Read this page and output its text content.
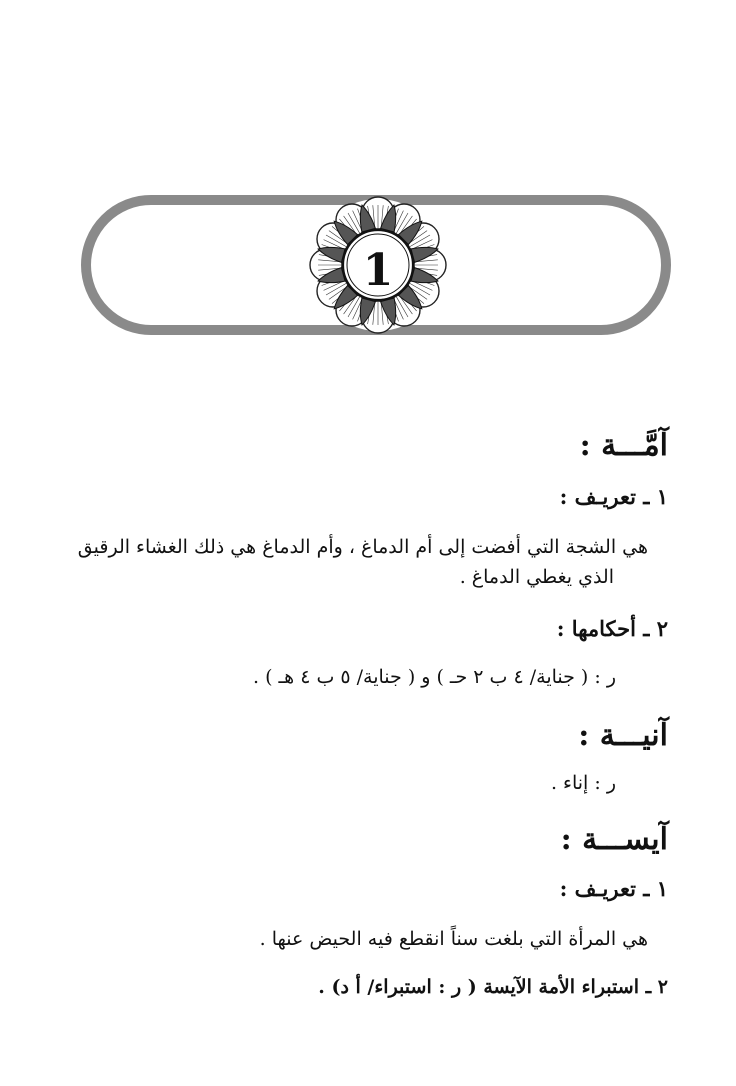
1
آمَّـــة :
١ ـ تعريـف :
هي الشجة التي أفضت إلى أم الدماغ ، وأم الدماغ هي ذلك الغشاء الرقيق
الذي يغطي الدماغ .
٢ ـ أحكامها :
ر : ( جناية/ ٤ ب ٢ حـ ) و ( جناية/ ٥ ب ٤ هـ ) .
آنيـــة :
ر : إناء .
آيســـة :
١ ـ تعريـف :
هي المرأة التي بلغت سناً انقطع فيه الحيض عنها .
٢ ـ استبراء الأمة الآيسة ( ر : استبراء/ أ د) .
